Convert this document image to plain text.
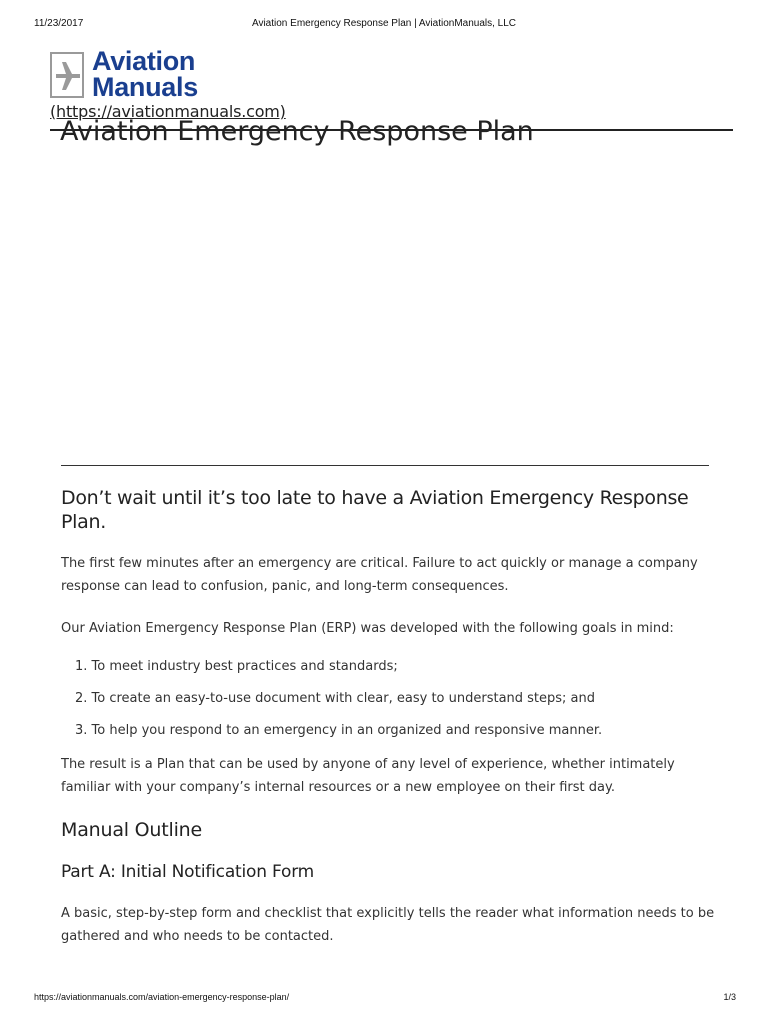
11/23/2017	Aviation Emergency Response Plan | AviationManuals, LLC
Aviation
Manuals
(https://aviationmanuals.com)
Aviation Emergency Response Plan
Don’t wait until it’s too late to have a Aviation Emergency Response Plan.
The first few minutes after an emergency are critical. Failure to act quickly or manage a company response can lead to confusion, panic, and long-term consequences.
Our Aviation Emergency Response Plan (ERP) was developed with the following goals in mind:
1. To meet industry best practices and standards;
2. To create an easy-to-use document with clear, easy to understand steps; and
3. To help you respond to an emergency in an organized and responsive manner.
The result is a Plan that can be used by anyone of any level of experience, whether intimately familiar with your company’s internal resources or a new employee on their first day.
Manual Outline
Part A: Initial Notification Form
A basic, step-by-step form and checklist that explicitly tells the reader what information needs to be gathered and who needs to be contacted.
https://aviationmanuals.com/aviation-emergency-response-plan/	1/3
